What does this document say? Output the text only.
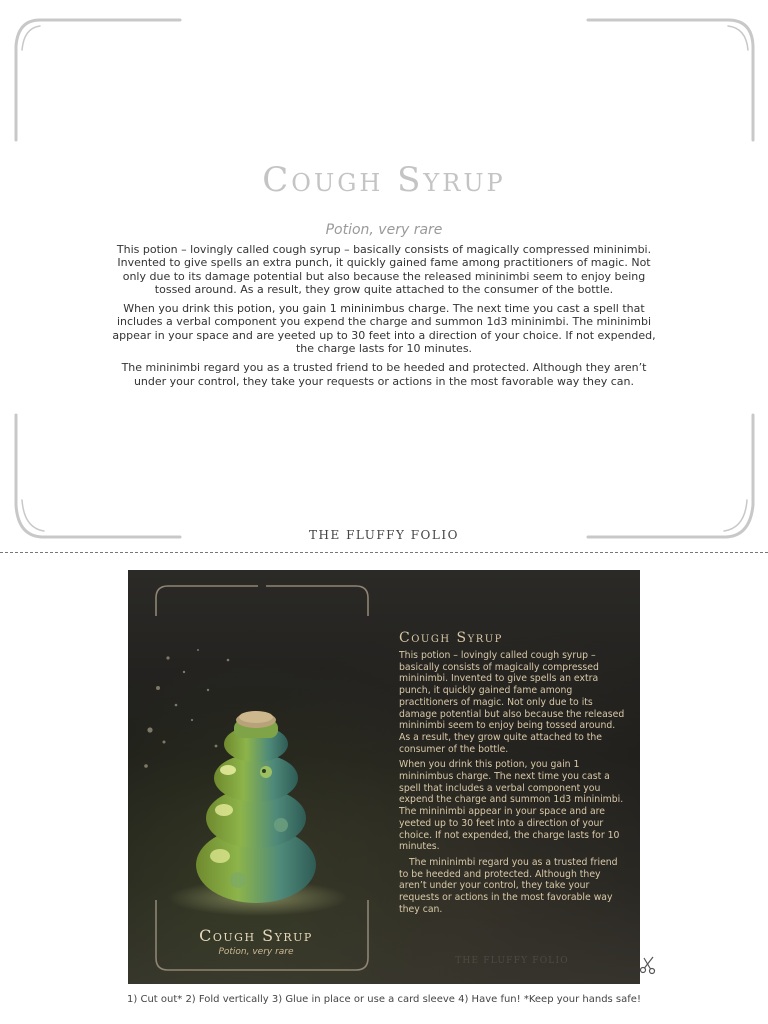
Cough Syrup
Potion, very rare

This potion – lovingly called cough syrup – basically consists of magically compressed mininimbi. Invented to give spells an extra punch, it quickly gained fame among practitioners of magic. Not only due to its damage potential but also because the released mininimbi seem to enjoy being tossed around. As a result, they grow quite attached to the consumer of the bottle.

When you drink this potion, you gain 1 mininimbus charge. The next time you cast a spell that includes a verbal component you expend the charge and summon 1d3 mininimbi. The mininimbi appear in your space and are yeeted up to 30 feet into a direction of your choice. If not expended, the charge lasts for 10 minutes.

The mininimbi regard you as a trusted friend to be heeded and protected. Although they aren’t under your control, they take your requests or actions in the most favorable way they can.

THE FLUFFY FOLIO
Cough Syrup

This potion – lovingly called cough syrup – basically consists of magically compressed mininimbi. Invented to give spells an extra punch, it quickly gained fame among practitioners of magic. Not only due to its damage potential but also because the released mininimbi seem to enjoy being tossed around. As a result, they grow quite attached to the consumer of the bottle.

When you drink this potion, you gain 1 mininimbus charge. The next time you cast a spell that includes a verbal component you expend the charge and summon 1d3 mininimbi. The mininimbi appear in your space and are yeeted up to 30 feet into a direction of your choice. If not expended, the charge lasts for 10 minutes.

The mininimbi regard you as a trusted friend to be heeded and protected. Although they aren’t under your control, they take your requests or actions in the most favorable way they can.

Cough Syrup
Potion, very rare
THE FLUFFY FOLIO
1) Cut out* 2) Fold vertically 3) Glue in place or use a card sleeve 4) Have fun! *Keep your hands safe!
